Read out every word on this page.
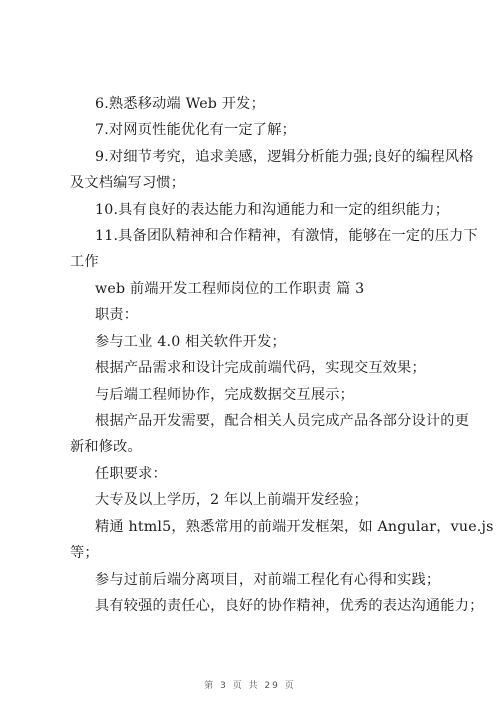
6.熟悉移动端 Web 开发；
7.对网页性能优化有一定了解；
9.对细节考究，追求美感，逻辑分析能力强;良好的编程风格
及文档编写习惯；
10.具有良好的表达能力和沟通能力和一定的组织能力；
11.具备团队精神和合作精神，有激情，能够在一定的压力下
工作
web 前端开发工程师岗位的工作职责 篇 3
职责：
参与工业 4.0 相关软件开发；
根据产品需求和设计完成前端代码，实现交互效果；
与后端工程师协作，完成数据交互展示；
根据产品开发需要，配合相关人员完成产品各部分设计的更
新和修改。
任职要求：
大专及以上学历，2 年以上前端开发经验；
精通 html5，熟悉常用的前端开发框架，如 Angular，vue.js
等；
参与过前后端分离项目，对前端工程化有心得和实践；
具有较强的责任心，良好的协作精神，优秀的表达沟通能力；
第 3 页 共 29 页
